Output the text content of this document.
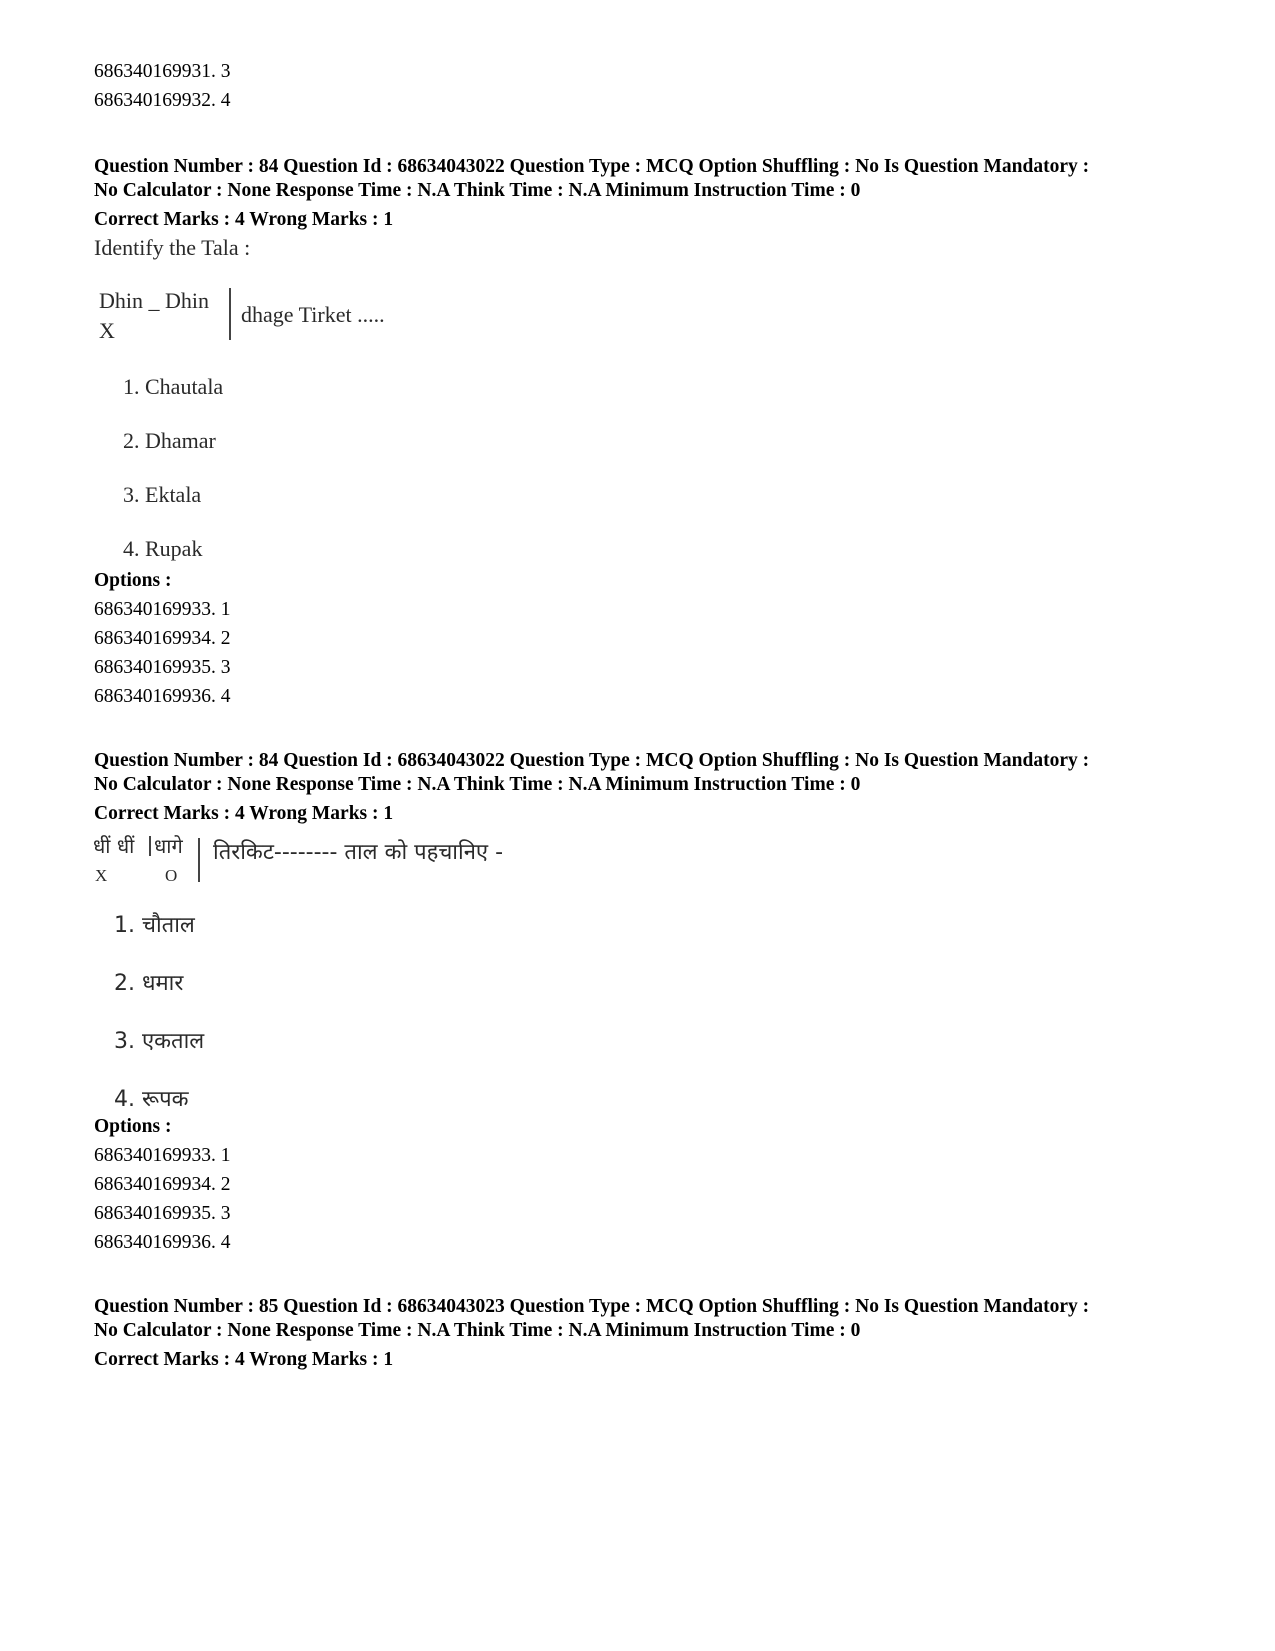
686340169931. 3
686340169932. 4
Question Number : 84 Question Id : 68634043022 Question Type : MCQ Option Shuffling : No Is Question Mandatory :
No Calculator : None Response Time : N.A Think Time : N.A Minimum Instruction Time : 0
Correct Marks : 4 Wrong Marks : 1
Identify the Tala :
Dhin _ Dhin
X
dhage Tirket .....
1. Chautala
2. Dhamar
3. Ektala
4. Rupak
Options :
686340169933. 1
686340169934. 2
686340169935. 3
686340169936. 4
Question Number : 84 Question Id : 68634043022 Question Type : MCQ Option Shuffling : No Is Question Mandatory :
No Calculator : None Response Time : N.A Think Time : N.A Minimum Instruction Time : 0
Correct Marks : 4 Wrong Marks : 1
धीं धीं धागे
X	O
तिरकिट-------- ताल को पहचानिए -
1. चौताल
2. धमार
3. एकताल
4. रूपक
Options :
686340169933. 1
686340169934. 2
686340169935. 3
686340169936. 4
Question Number : 85 Question Id : 68634043023 Question Type : MCQ Option Shuffling : No Is Question Mandatory :
No Calculator : None Response Time : N.A Think Time : N.A Minimum Instruction Time : 0
Correct Marks : 4 Wrong Marks : 1
